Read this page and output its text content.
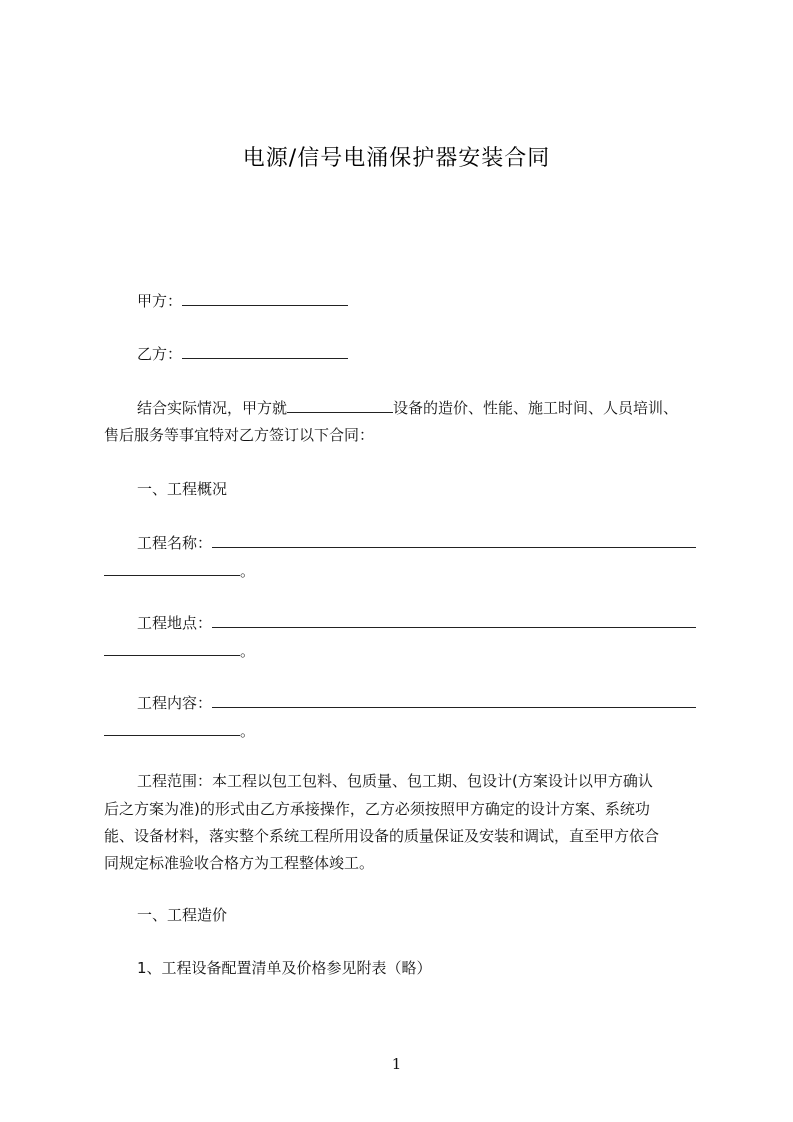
电源/信号电涌保护器安装合同
甲方：
乙方：
结合实际情况，甲方就	设备的造价、性能、施工时间、人员培训、
售后服务等事宜特对乙方签订以下合同：
一、工程概况
工程名称：
。
工程地点：
。
工程内容：
。
工程范围：本工程以包工包料、包质量、包工期、包设计(方案设计以甲方确认
后之方案为准)的形式由乙方承接操作，乙方必须按照甲方确定的设计方案、系统功
能、设备材料，落实整个系统工程所用设备的质量保证及安装和调试，直至甲方依合
同规定标准验收合格方为工程整体竣工。
一、工程造价
1、工程设备配置清单及价格参见附表（略）
1
